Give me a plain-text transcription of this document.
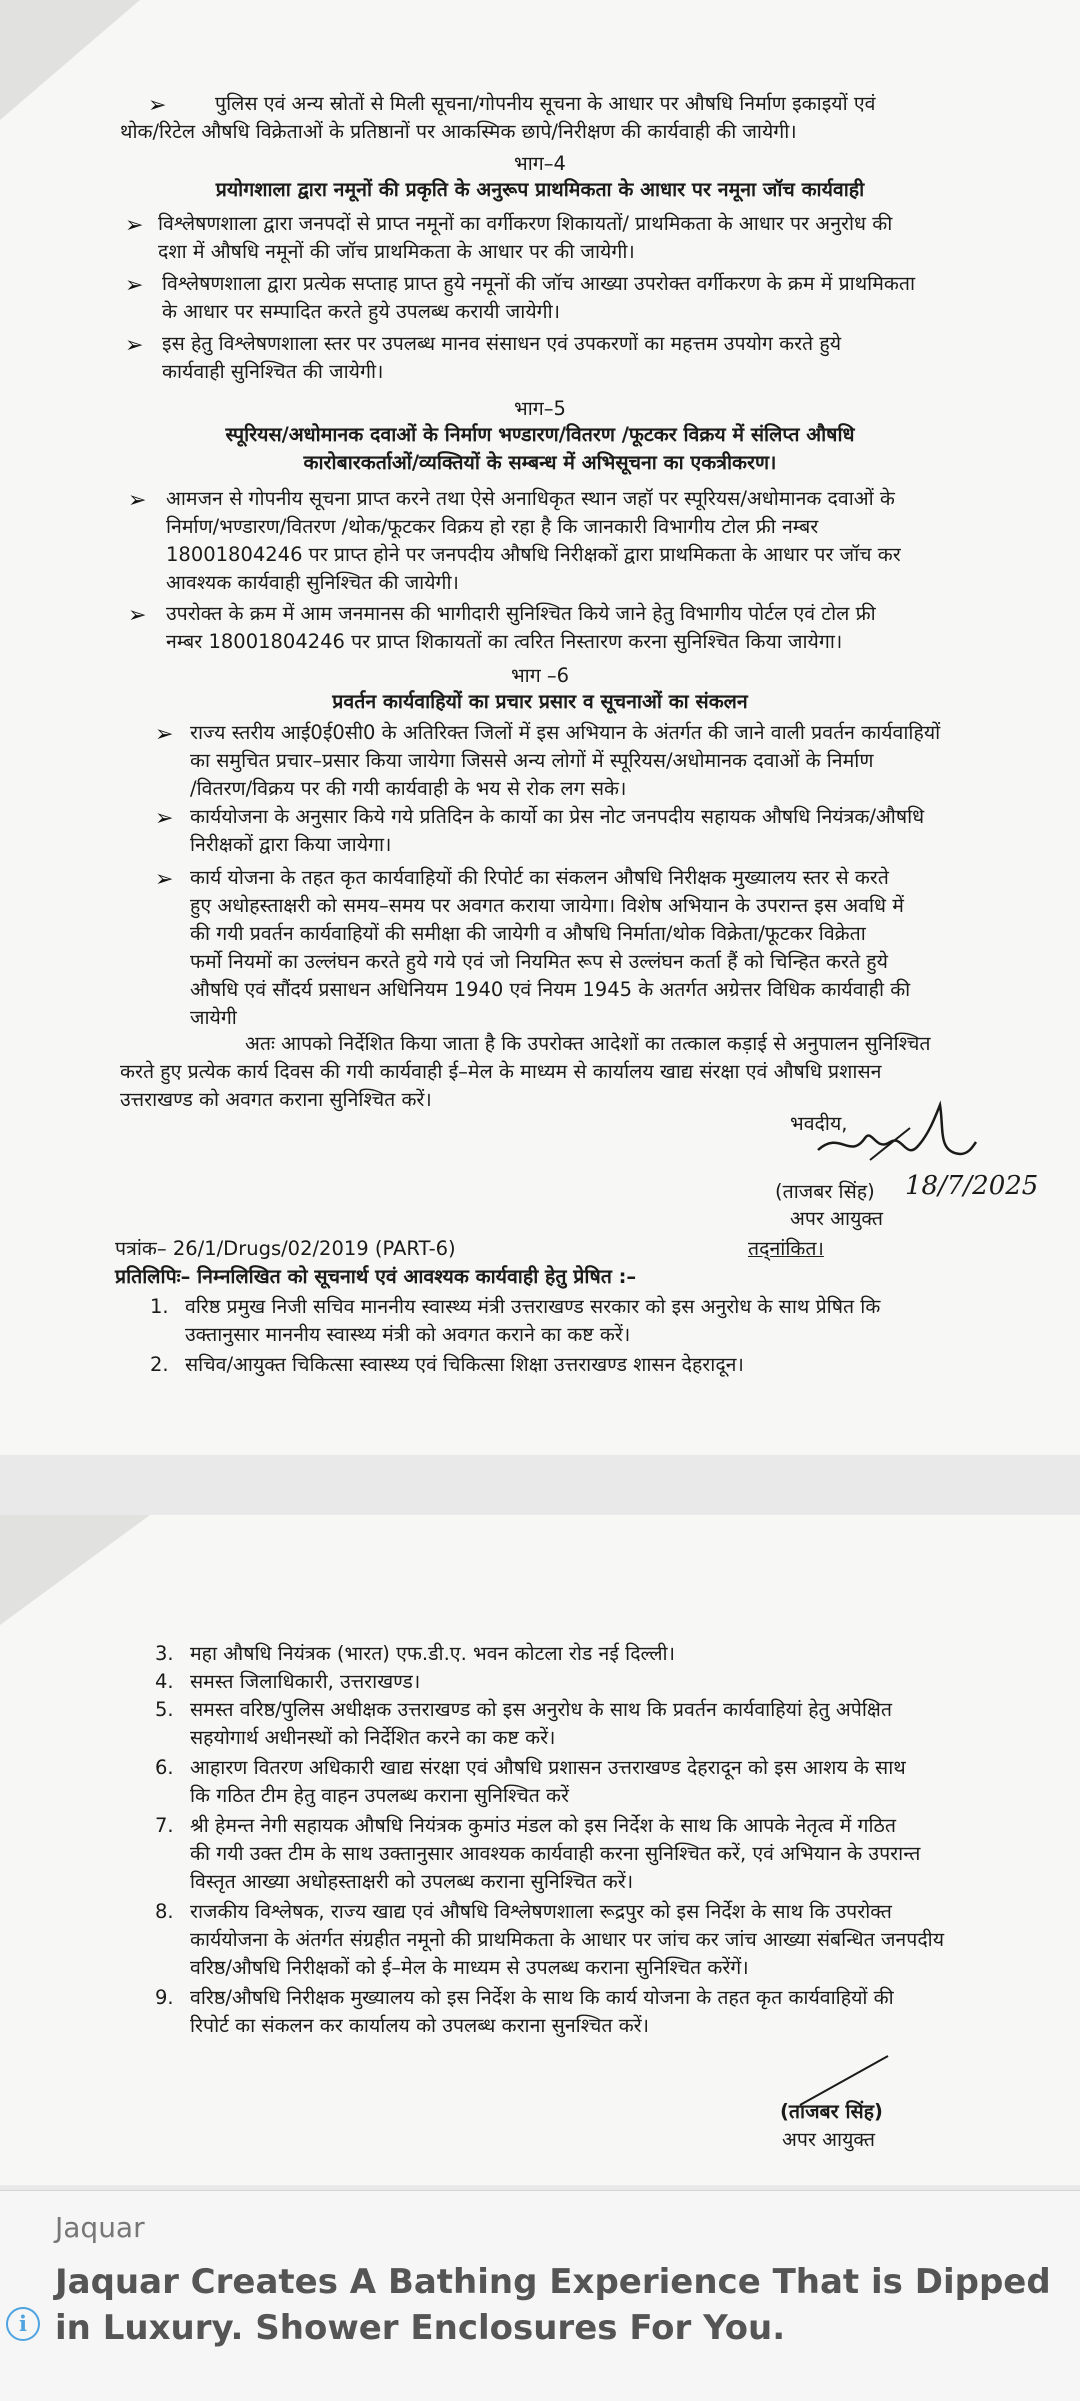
➢ पुलिस एवं अन्य स्रोतों से मिली सूचना/गोपनीय सूचना के आधार पर औषधि निर्माण इकाइयों एवं
थोक/रिटेल औषधि विक्रेताओं के प्रतिष्ठानों पर आकस्मिक छापे/निरीक्षण की कार्यवाही की जायेगी।
भाग–4
प्रयोगशाला द्वारा नमूनों की प्रकृति के अनुरूप प्राथमिकता के आधार पर नमूना जॉच कार्यवाही
➢ विश्लेषणशाला द्वारा जनपदों से प्राप्त नमूनों का वर्गीकरण शिकायतों/ प्राथमिकता के आधार पर अनुरोध की
दशा में औषधि नमूनों की जॉच प्राथमिकता के आधार पर की जायेगी।
➢ विश्लेषणशाला द्वारा प्रत्येक सप्ताह प्राप्त हुये नमूनों की जॉच आख्या उपरोक्त वर्गीकरण के क्रम में प्राथमिकता
के आधार पर सम्पादित करते हुये उपलब्ध करायी जायेगी।
➢ इस हेतु विश्लेषणशाला स्तर पर उपलब्ध मानव संसाधन एवं उपकरणों का महत्तम उपयोग करते हुये
कार्यवाही सुनिश्चित की जायेगी।
भाग–5
स्पूरियस/अधोमानक दवाओं के निर्माण भण्डारण/वितरण /फूटकर विक्रय में संलिप्त औषधि
कारोबारकर्ताओं/व्यक्तियों के सम्बन्ध में अभिसूचना का एकत्रीकरण।
➢ आमजन से गोपनीय सूचना प्राप्त करने तथा ऐसे अनाधिकृत स्थान जहॉ पर स्पूरियस/अधोमानक दवाओं के
निर्माण/भण्डारण/वितरण /थोक/फूटकर विक्रय हो रहा है कि जानकारी विभागीय टोल फ्री नम्बर
18001804246 पर प्राप्त होने पर जनपदीय औषधि निरीक्षकों द्वारा प्राथमिकता के आधार पर जॉच कर
आवश्यक कार्यवाही सुनिश्चित की जायेगी।
➢ उपरोक्त के क्रम में आम जनमानस की भागीदारी सुनिश्चित किये जाने हेतु विभागीय पोर्टल एवं टोल फ्री
नम्बर 18001804246 पर प्राप्त शिकायतों का त्वरित निस्तारण करना सुनिश्चित किया जायेगा।
भाग –6
प्रवर्तन कार्यवाहियों का प्रचार प्रसार व सूचनाओं का संकलन
➢ राज्य स्तरीय आई0ई0सी0 के अतिरिक्त जिलों में इस अभियान के अंतर्गत की जाने वाली प्रवर्तन कार्यवाहियों
का समुचित प्रचार–प्रसार किया जायेगा जिससे अन्य लोगों में स्पूरियस/अधोमानक दवाओं के निर्माण
/वितरण/विक्रय पर की गयी कार्यवाही के भय से रोक लग सके।
➢ कार्ययोजना के अनुसार किये गये प्रतिदिन के कार्यो का प्रेस नोट जनपदीय सहायक औषधि नियंत्रक/औषधि
निरीक्षकों द्वारा किया जायेगा।
➢ कार्य योजना के तहत कृत कार्यवाहियों की रिपोर्ट का संकलन औषधि निरीक्षक मुख्यालय स्तर से करते
हुए अधोहस्ताक्षरी को समय–समय पर अवगत कराया जायेगा। विशेष अभियान के उपरान्त इस अवधि में
की गयी प्रवर्तन कार्यवाहियों की समीक्षा की जायेगी व औषधि निर्माता/थोक विक्रेता/फूटकर विक्रेता
फर्मो नियमों का उल्लंघन करते हुये गये एवं जो नियमित रूप से उल्लंघन कर्ता हैं को चिन्हित करते हुये
औषधि एवं सौंदर्य प्रसाधन अधिनियम 1940 एवं नियम 1945 के अतर्गत अग्रेत्तर विधिक कार्यवाही की
जायेगी
अतः आपको निर्देशित किया जाता है कि उपरोक्त आदेशों का तत्काल कड़ाई से अनुपालन सुनिश्चित
करते हुए प्रत्येक कार्य दिवस की गयी कार्यवाही ई–मेल के माध्यम से कार्यालय खाद्य संरक्षा एवं औषधि प्रशासन
उत्तराखण्ड को अवगत कराना सुनिश्चित करें।
भवदीय,
(ताजबर सिंह) 18/7/2025
अपर आयुक्त
पत्रांक– 26/1/Drugs/02/2019 (PART-6)	तद्नांकित।
प्रतिलिपिः– निम्नलिखित को सूचनार्थ एवं आवश्यक कार्यवाही हेतु प्रेषित :–
1. वरिष्ठ प्रमुख निजी सचिव माननीय स्वास्थ्य मंत्री उत्तराखण्ड सरकार को इस अनुरोध के साथ प्रेषित कि
उक्तानुसार माननीय स्वास्थ्य मंत्री को अवगत कराने का कष्ट करें।
2. सचिव/आयुक्त चिकित्सा स्वास्थ्य एवं चिकित्सा शिक्षा उत्तराखण्ड शासन देहरादून।
3. महा औषधि नियंत्रक (भारत) एफ.डी.ए. भवन कोटला रोड नई दिल्ली।
4. समस्त जिलाधिकारी, उत्तराखण्ड।
5. समस्त वरिष्ठ/पुलिस अधीक्षक उत्तराखण्ड को इस अनुरोध के साथ कि प्रवर्तन कार्यवाहियां हेतु अपेक्षित
सहयोगार्थ अधीनस्थों को निर्देशित करने का कष्ट करें।
6. आहारण वितरण अधिकारी खाद्य संरक्षा एवं औषधि प्रशासन उत्तराखण्ड देहरादून को इस आशय के साथ
कि गठित टीम हेतु वाहन उपलब्ध कराना सुनिश्चित करें
7. श्री हेमन्त नेगी सहायक औषधि नियंत्रक कुमांउ मंडल को इस निर्देश के साथ कि आपके नेतृत्व में गठित
की गयी उक्त टीम के साथ उक्तानुसार आवश्यक कार्यवाही करना सुनिश्चित करें, एवं अभियान के उपरान्त
विस्तृत आख्या अधोहस्ताक्षरी को उपलब्ध कराना सुनिश्चित करें।
8. राजकीय विश्लेषक, राज्य खाद्य एवं औषधि विश्लेषणशाला रूद्रपुर को इस निर्देश के साथ कि उपरोक्त
कार्ययोजना के अंतर्गत संग्रहीत नमूनो की प्राथमिकता के आधार पर जांच कर जांच आख्या संबन्धित जनपदीय
वरिष्ठ/औषधि निरीक्षकों को ई–मेल के माध्यम से उपलब्ध कराना सुनिश्चित करेंगें।
9. वरिष्ठ/औषधि निरीक्षक मुख्यालय को इस निर्देश के साथ कि कार्य योजना के तहत कृत कार्यवाहियों की
रिपोर्ट का संकलन कर कार्यालय को उपलब्ध कराना सुनश्चित करें।
(ताजबर सिंह)
अपर आयुक्त
Jaquar
Jaquar Creates A Bathing Experience That is Dipped in Luxury. Shower Enclosures For You.
i
